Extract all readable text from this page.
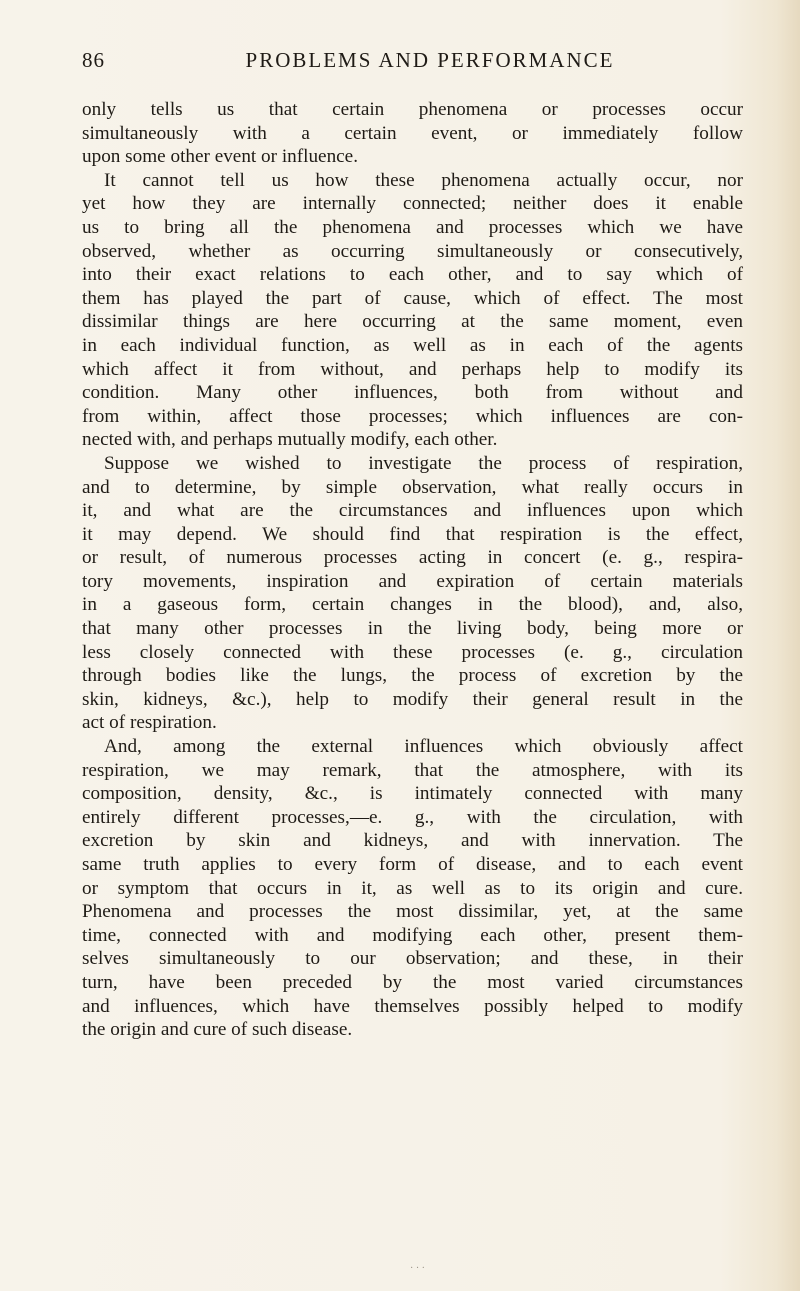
86	PROBLEMS AND PERFORMANCE
only tells us that certain phenomena or processes occur
simultaneously with a certain event, or immediately follow
upon some other event or influence.
It cannot tell us how these phenomena actually occur, nor
yet how they are internally connected; neither does it enable
us to bring all the phenomena and processes which we have
observed, whether as occurring simultaneously or consecutively,
into their exact relations to each other, and to say which of
them has played the part of cause, which of effect. The most
dissimilar things are here occurring at the same moment, even
in each individual function, as well as in each of the agents
which affect it from without, and perhaps help to modify its
condition. Many other influences, both from without and
from within, affect those processes; which influences are con-
nected with, and perhaps mutually modify, each other.
Suppose we wished to investigate the process of respiration,
and to determine, by simple observation, what really occurs in
it, and what are the circumstances and influences upon which
it may depend. We should find that respiration is the effect,
or result, of numerous processes acting in concert (e. g., respira-
tory movements, inspiration and expiration of certain materials
in a gaseous form, certain changes in the blood), and, also,
that many other processes in the living body, being more or
less closely connected with these processes (e. g., circulation
through bodies like the lungs, the process of excretion by the
skin, kidneys, &c.), help to modify their general result in the
act of respiration.
And, among the external influences which obviously affect
respiration, we may remark, that the atmosphere, with its
composition, density, &c., is intimately connected with many
entirely different processes,—e. g., with the circulation, with
excretion by skin and kidneys, and with innervation. The
same truth applies to every form of disease, and to each event
or symptom that occurs in it, as well as to its origin and cure.
Phenomena and processes the most dissimilar, yet, at the same
time, connected with and modifying each other, present them-
selves simultaneously to our observation; and these, in their
turn, have been preceded by the most varied circumstances
and influences, which have themselves possibly helped to modify
the origin and cure of such disease.
· · ·
